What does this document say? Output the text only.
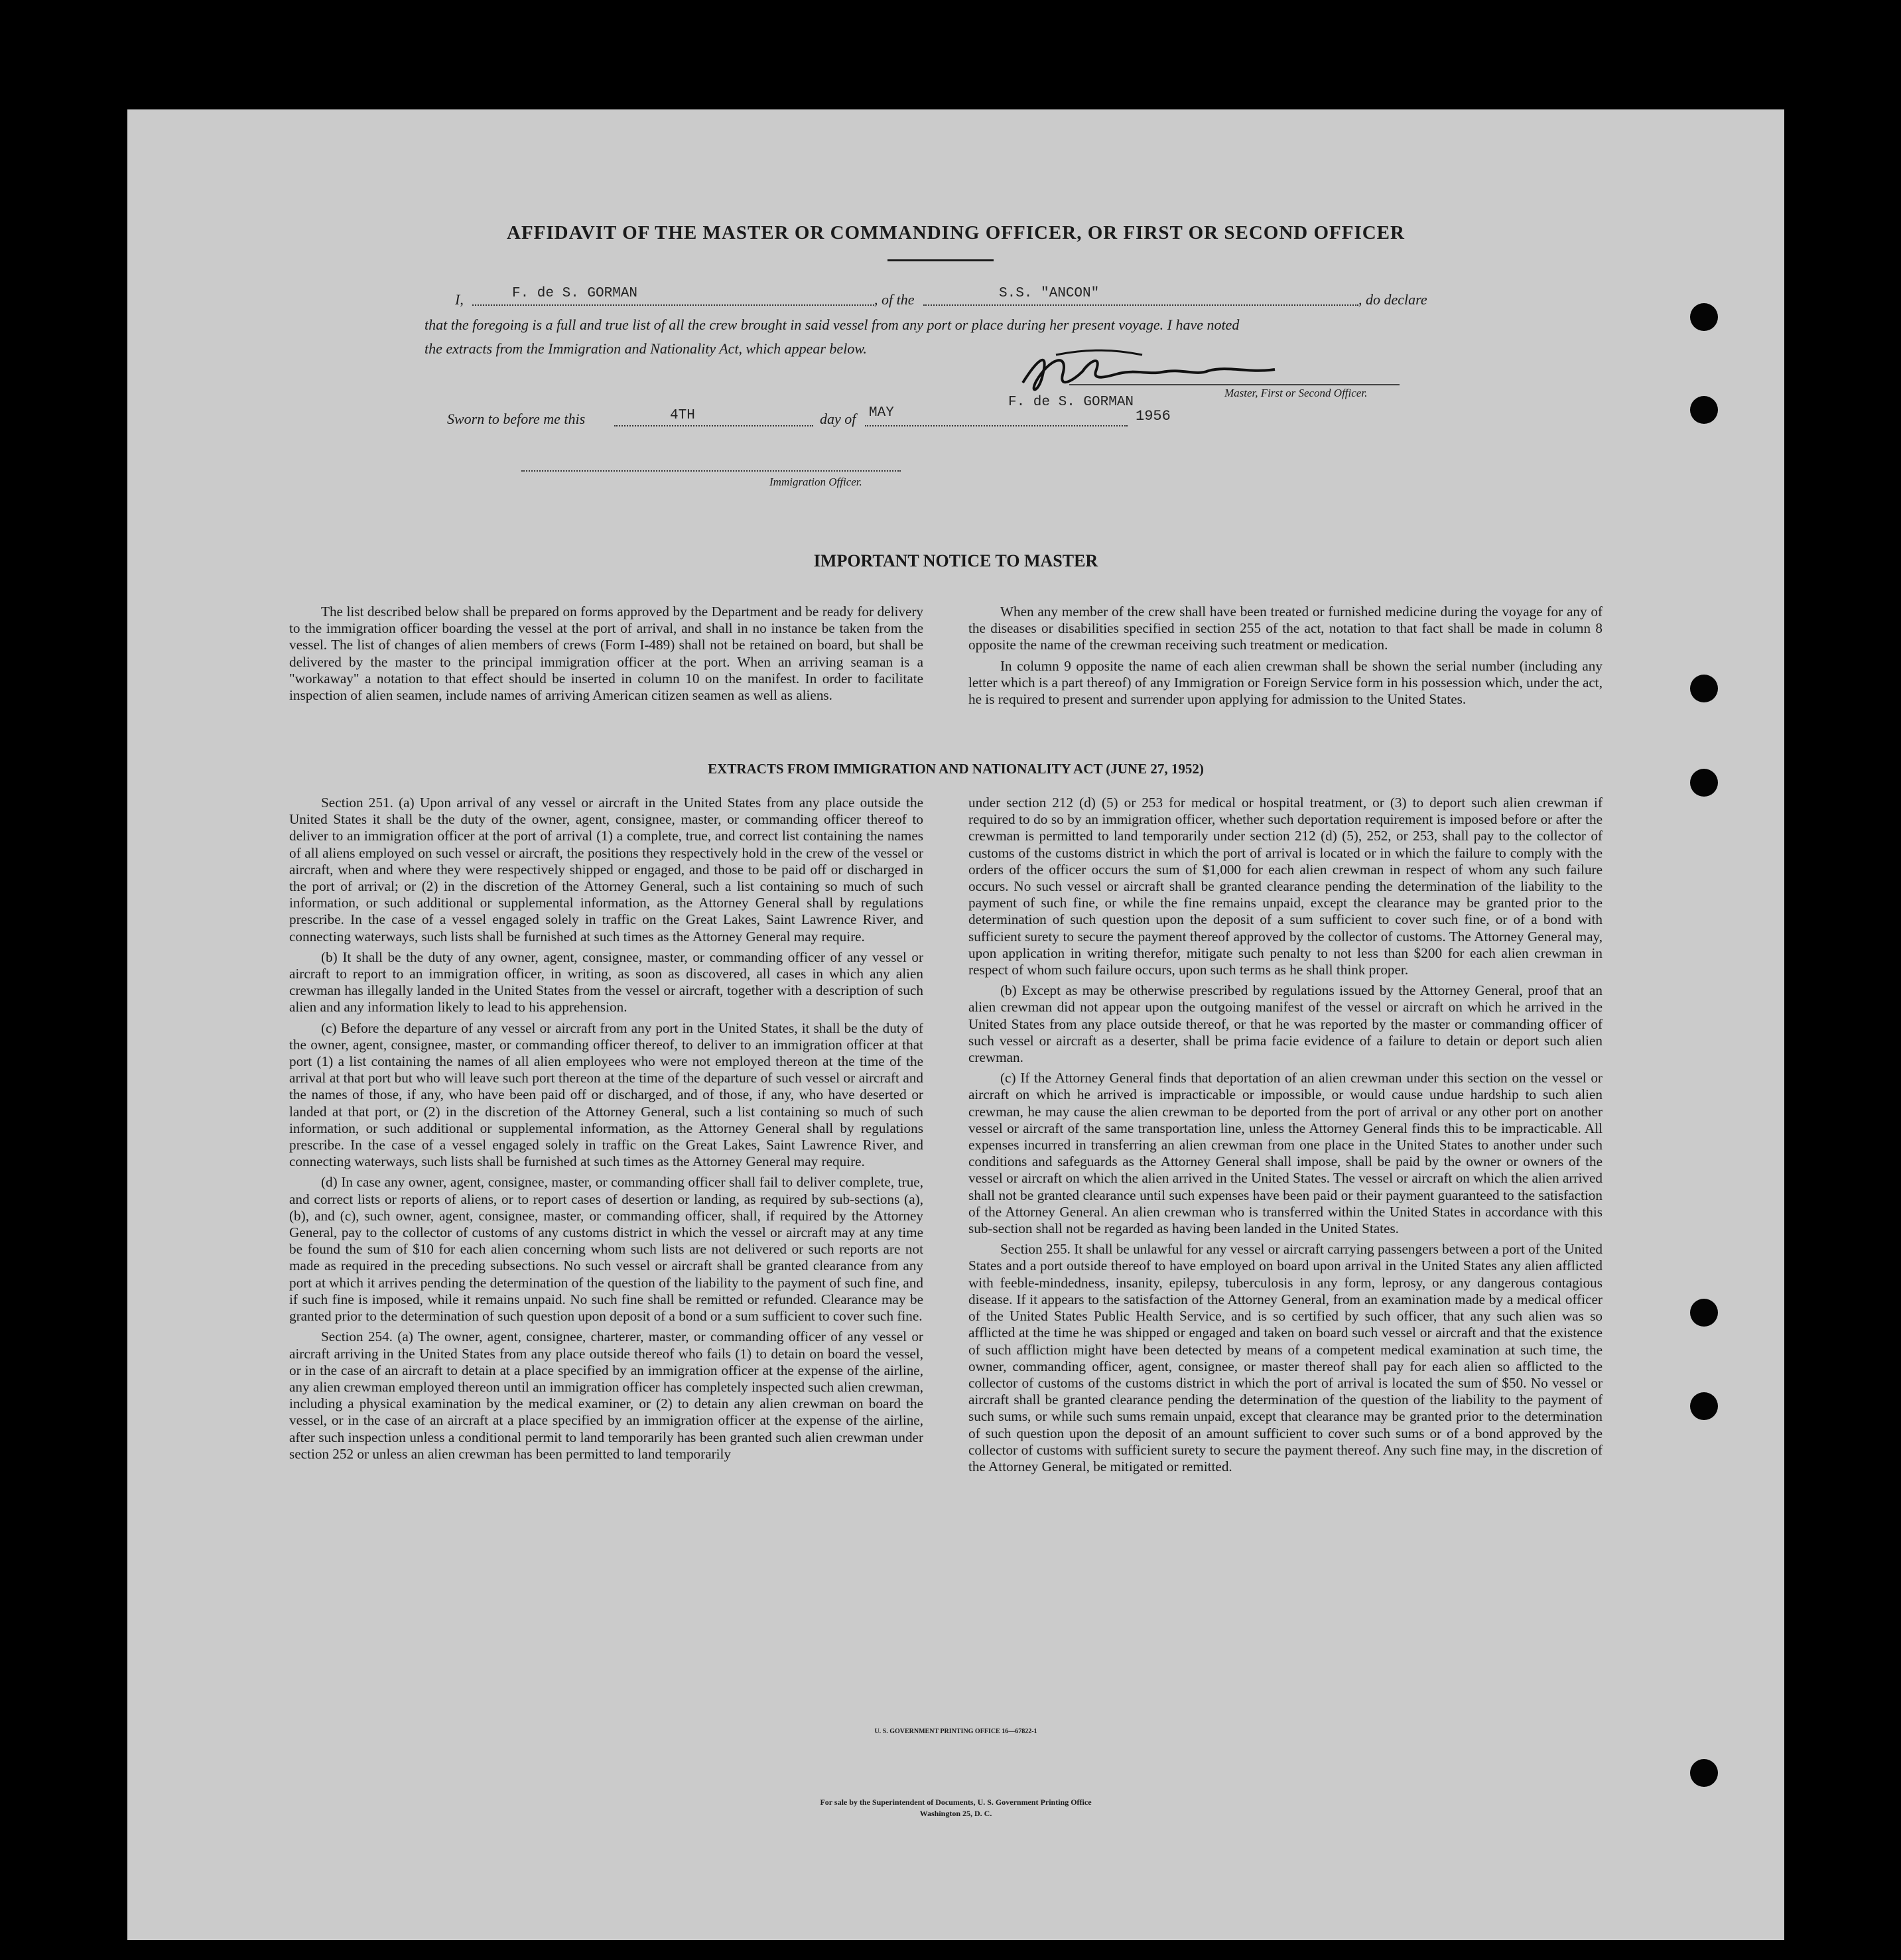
AFFIDAVIT OF THE MASTER OR COMMANDING OFFICER, OR FIRST OR SECOND OFFICER
I,	F. de S. GORMAN	, of the	S.S. "ANCON"	, do declare
that the foregoing is a full and true list of all the crew brought in said vessel from any port or place during her present voyage. I have noted
the extracts from the Immigration and Nationality Act, which appear below.
Master, First or Second Officer.
F. de S. GORMAN
Sworn to before me this	4TH	day of MAY	1956
Immigration Officer.
IMPORTANT NOTICE TO MASTER

The list described below shall be prepared on forms approved by the Department and be ready for delivery to the immigration officer boarding the vessel at the port of arrival, and shall in no instance be taken from the vessel. The list of changes of alien members of crews (Form I-489) shall not be retained on board, but shall be delivered by the master to the principal immigration officer at the port. When an arriving seaman is a "workaway" a notation to that effect should be inserted in column 10 on the manifest. In order to facilitate inspection of alien seamen, include names of arriving American citizen seamen as well as aliens.

When any member of the crew shall have been treated or furnished medicine during the voyage for any of the diseases or disabilities specified in section 255 of the act, notation to that fact shall be made in column 8 opposite the name of the crewman receiving such treatment or medication.

In column 9 opposite the name of each alien crewman shall be shown the serial number (including any letter which is a part thereof) of any Immigration or Foreign Service form in his possession which, under the act, he is required to present and surrender upon applying for admission to the United States.

EXTRACTS FROM IMMIGRATION AND NATIONALITY ACT (JUNE 27, 1952)

Section 251. (a) Upon arrival of any vessel or aircraft in the United States from any place outside the United States it shall be the duty of the owner, agent, consignee, master, or commanding officer thereof to deliver to an immigration officer at the port of arrival (1) a complete, true, and correct list containing the names of all aliens employed on such vessel or aircraft, the positions they respectively hold in the crew of the vessel or aircraft, when and where they were respectively shipped or engaged, and those to be paid off or discharged in the port of arrival; or (2) in the discretion of the Attorney General, such a list containing so much of such information, or such additional or supplemental information, as the Attorney General shall by regulations prescribe. In the case of a vessel engaged solely in traffic on the Great Lakes, Saint Lawrence River, and connecting waterways, such lists shall be furnished at such times as the Attorney General may require.

(b) It shall be the duty of any owner, agent, consignee, master, or commanding officer of any vessel or aircraft to report to an immigration officer, in writing, as soon as discovered, all cases in which any alien crewman has illegally landed in the United States from the vessel or aircraft, together with a description of such alien and any information likely to lead to his apprehension.

(c) Before the departure of any vessel or aircraft from any port in the United States, it shall be the duty of the owner, agent, consignee, master, or commanding officer thereof, to deliver to an immigration officer at that port (1) a list containing the names of all alien employees who were not employed thereon at the time of the arrival at that port but who will leave such port thereon at the time of the departure of such vessel or aircraft and the names of those, if any, who have been paid off or discharged, and of those, if any, who have deserted or landed at that port, or (2) in the discretion of the Attorney General, such a list containing so much of such information, or such additional or supplemental information, as the Attorney General shall by regulations prescribe. In the case of a vessel engaged solely in traffic on the Great Lakes, Saint Lawrence River, and connecting waterways, such lists shall be furnished at such times as the Attorney General may require.

(d) In case any owner, agent, consignee, master, or commanding officer shall fail to deliver complete, true, and correct lists or reports of aliens, or to report cases of desertion or landing, as required by sub-sections (a), (b), and (c), such owner, agent, consignee, master, or commanding officer, shall, if required by the Attorney General, pay to the collector of customs of any customs district in which the vessel or aircraft may at any time be found the sum of $10 for each alien concerning whom such lists are not delivered or such reports are not made as required in the preceding subsections. No such vessel or aircraft shall be granted clearance from any port at which it arrives pending the determination of the question of the liability to the payment of such fine, and if such fine is imposed, while it remains unpaid. No such fine shall be remitted or refunded. Clearance may be granted prior to the determination of such question upon deposit of a bond or a sum sufficient to cover such fine.

Section 254. (a) The owner, agent, consignee, charterer, master, or commanding officer of any vessel or aircraft arriving in the United States from any place outside thereof who fails (1) to detain on board the vessel, or in the case of an aircraft to detain at a place specified by an immigration officer at the expense of the airline, any alien crewman employed thereon until an immigration officer has completely inspected such alien crewman, including a physical examination by the medical examiner, or (2) to detain any alien crewman on board the vessel, or in the case of an aircraft at a place specified by an immigration officer at the expense of the airline, after such inspection unless a conditional permit to land temporarily has been granted such alien crewman under section 252 or unless an alien crewman has been permitted to land temporarily

under section 212 (d) (5) or 253 for medical or hospital treatment, or (3) to deport such alien crewman if required to do so by an immigration officer, whether such deportation requirement is imposed before or after the crewman is permitted to land temporarily under section 212 (d) (5), 252, or 253, shall pay to the collector of customs of the customs district in which the port of arrival is located or in which the failure to comply with the orders of the officer occurs the sum of $1,000 for each alien crewman in respect of whom any such failure occurs. No such vessel or aircraft shall be granted clearance pending the determination of the liability to the payment of such fine, or while the fine remains unpaid, except the clearance may be granted prior to the determination of such question upon the deposit of a sum sufficient to cover such fine, or of a bond with sufficient surety to secure the payment thereof approved by the collector of customs. The Attorney General may, upon application in writing therefor, mitigate such penalty to not less than $200 for each alien crewman in respect of whom such failure occurs, upon such terms as he shall think proper.

(b) Except as may be otherwise prescribed by regulations issued by the Attorney General, proof that an alien crewman did not appear upon the outgoing manifest of the vessel or aircraft on which he arrived in the United States from any place outside thereof, or that he was reported by the master or commanding officer of such vessel or aircraft as a deserter, shall be prima facie evidence of a failure to detain or deport such alien crewman.

(c) If the Attorney General finds that deportation of an alien crewman under this section on the vessel or aircraft on which he arrived is impracticable or impossible, or would cause undue hardship to such alien crewman, he may cause the alien crewman to be deported from the port of arrival or any other port on another vessel or aircraft of the same transportation line, unless the Attorney General finds this to be impracticable. All expenses incurred in transferring an alien crewman from one place in the United States to another under such conditions and safeguards as the Attorney General shall impose, shall be paid by the owner or owners of the vessel or aircraft on which the alien arrived in the United States. The vessel or aircraft on which the alien arrived shall not be granted clearance until such expenses have been paid or their payment guaranteed to the satisfaction of the Attorney General. An alien crewman who is transferred within the United States in accordance with this sub-section shall not be regarded as having been landed in the United States.

Section 255. It shall be unlawful for any vessel or aircraft carrying passengers between a port of the United States and a port outside thereof to have employed on board upon arrival in the United States any alien afflicted with feeble-mindedness, insanity, epilepsy, tuberculosis in any form, leprosy, or any dangerous contagious disease. If it appears to the satisfaction of the Attorney General, from an examination made by a medical officer of the United States Public Health Service, and is so certified by such officer, that any such alien was so afflicted at the time he was shipped or engaged and taken on board such vessel or aircraft and that the existence of such affliction might have been detected by means of a competent medical examination at such time, the owner, commanding officer, agent, consignee, or master thereof shall pay for each alien so afflicted to the collector of customs of the customs district in which the port of arrival is located the sum of $50. No vessel or aircraft shall be granted clearance pending the determination of the question of the liability to the payment of such sums, or while such sums remain unpaid, except that clearance may be granted prior to the determination of such question upon the deposit of an amount sufficient to cover such sums or of a bond approved by the collector of customs with sufficient surety to secure the payment thereof. Any such fine may, in the discretion of the Attorney General, be mitigated or remitted.

U. S. GOVERNMENT PRINTING OFFICE 16—67822-1
For sale by the Superintendent of Documents, U. S. Government Printing Office
Washington 25, D. C.
